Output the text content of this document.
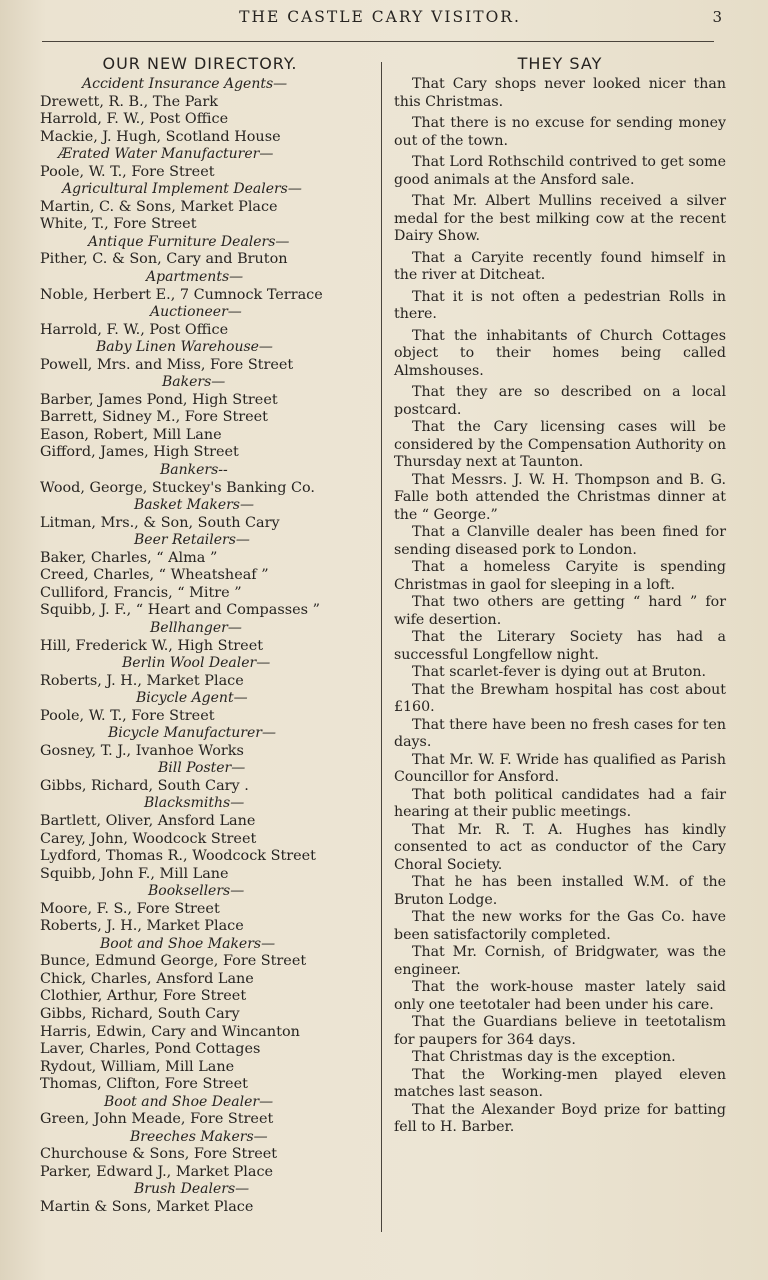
THE CASTLE CARY VISITOR.	3
OUR NEW DIRECTORY.
Accident Insurance Agents—
Drewett, R. B., The Park
Harrold, F. W., Post Office
Mackie, J. Hugh, Scotland House
Ærated Water Manufacturer—
Poole, W. T., Fore Street
Agricultural Implement Dealers—
Martin, C. & Sons, Market Place
White, T., Fore Street
Antique Furniture Dealers—
Pither, C. & Son, Cary and Bruton
Apartments—
Noble, Herbert E., 7 Cumnock Terrace
Auctioneer—
Harrold, F. W., Post Office
Baby Linen Warehouse—
Powell, Mrs. and Miss, Fore Street
Bakers—
Barber, James Pond, High Street
Barrett, Sidney M., Fore Street
Eason, Robert, Mill Lane
Gifford, James, High Street
Bankers--
Wood, George, Stuckey's Banking Co.
Basket Makers—
Litman, Mrs., & Son, South Cary
Beer Retailers—
Baker, Charles, “ Alma ”
Creed, Charles, “ Wheatsheaf ”
Culliford, Francis, “ Mitre ”
Squibb, J. F., “ Heart and Compasses ”
Bellhanger—
Hill, Frederick W., High Street
Berlin Wool Dealer—
Roberts, J. H., Market Place
Bicycle Agent—
Poole, W. T., Fore Street
Bicycle Manufacturer—
Gosney, T. J., Ivanhoe Works
Bill Poster—
Gibbs, Richard, South Cary .
Blacksmiths—
Bartlett, Oliver, Ansford Lane
Carey, John, Woodcock Street
Lydford, Thomas R., Woodcock Street
Squibb, John F., Mill Lane
Booksellers—
Moore, F. S., Fore Street
Roberts, J. H., Market Place
Boot and Shoe Makers—
Bunce, Edmund George, Fore Street
Chick, Charles, Ansford Lane
Clothier, Arthur, Fore Street
Gibbs, Richard, South Cary
Harris, Edwin, Cary and Wincanton
Laver, Charles, Pond Cottages
Rydout, William, Mill Lane
Thomas, Clifton, Fore Street
Boot and Shoe Dealer—
Green, John Meade, Fore Street
Breeches Makers—
Churchouse & Sons, Fore Street
Parker, Edward J., Market Place
Brush Dealers—
Martin & Sons, Market Place
THEY SAY
That Cary shops never looked nicer than this Christmas.
That there is no excuse for sending money out of the town.
That Lord Rothschild contrived to get some good animals at the Ansford sale.
That Mr. Albert Mullins received a silver medal for the best milking cow at the recent Dairy Show.
That a Caryite recently found himself in the river at Ditcheat.
That it is not often a pedestrian Rolls in there.
That the inhabitants of Church Cottages object to their homes being called Almshouses.
That they are so described on a local postcard.
That the Cary licensing cases will be considered by the Compensation Authority on Thursday next at Taunton.
That Messrs. J. W. H. Thompson and B. G. Falle both attended the Christmas dinner at the “ George.”
That a Clanville dealer has been fined for sending diseased pork to London.
That a homeless Caryite is spending Christmas in gaol for sleeping in a loft.
That two others are getting “ hard ” for wife desertion.
That the Literary Society has had a successful Longfellow night.
That scarlet-fever is dying out at Bruton.
That the Brewham hospital has cost about £160.
That there have been no fresh cases for ten days.
That Mr. W. F. Wride has qualified as Parish Councillor for Ansford.
That both political candidates had a fair hearing at their public meetings.
That Mr. R. T. A. Hughes has kindly consented to act as conductor of the Cary Choral Society.
That he has been installed W.M. of the Bruton Lodge.
That the new works for the Gas Co. have been satisfactorily completed.
That Mr. Cornish, of Bridgwater, was the engineer.
That the work-house master lately said only one teetotaler had been under his care.
That the Guardians believe in teetotalism for paupers for 364 days.
That Christmas day is the exception.
That the Working-men played eleven matches last season.
That the Alexander Boyd prize for batting fell to H. Barber.
